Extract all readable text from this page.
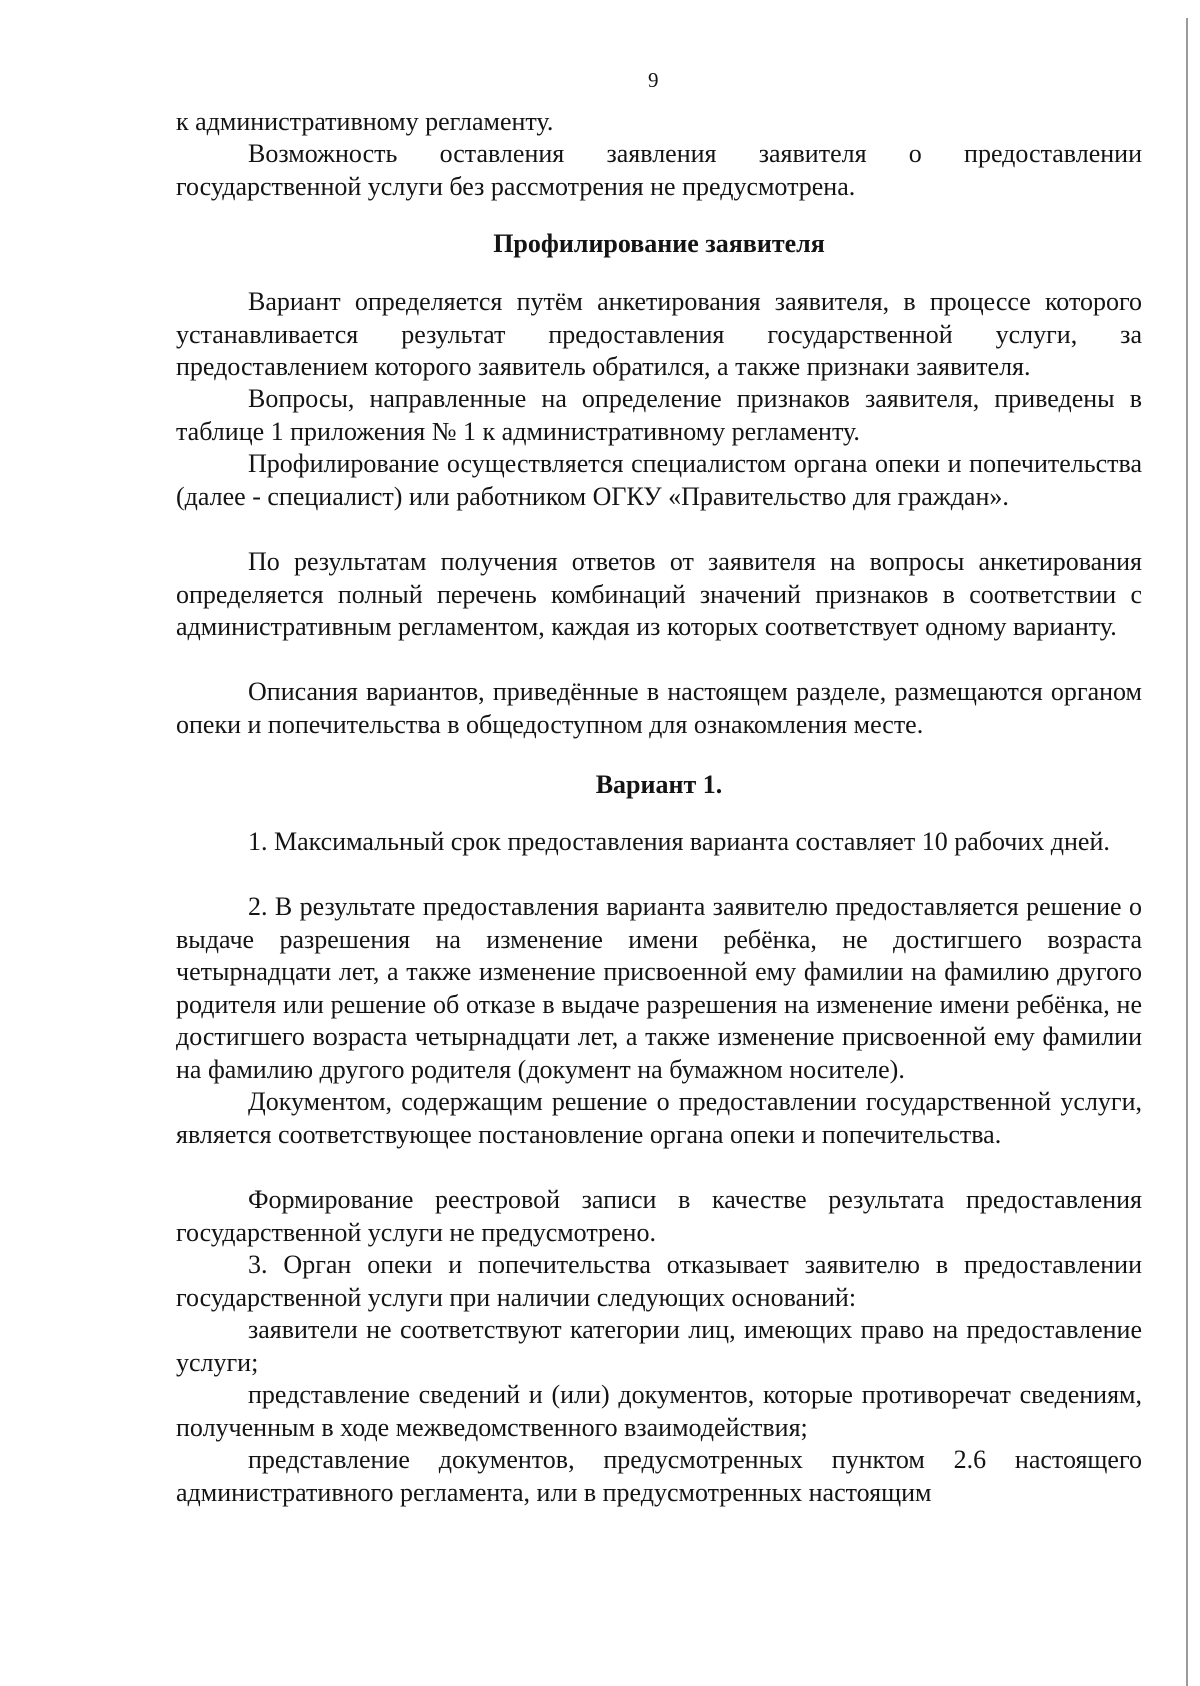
9

к административному регламенту.

Возможность оставления заявления заявителя о предоставлении государственной услуги без рассмотрения не предусмотрена.

Профилирование заявителя

Вариант определяется путём анкетирования заявителя, в процессе которого устанавливается результат предоставления государственной услуги, за предоставлением которого заявитель обратился, а также признаки заявителя.

Вопросы, направленные на определение признаков заявителя, приведены в таблице 1 приложения № 1 к административному регламенту.

Профилирование осуществляется специалистом органа опеки и попечительства (далее - специалист) или работником ОГКУ «Правительство для граждан».

По результатам получения ответов от заявителя на вопросы анкетирования определяется полный перечень комбинаций значений признаков в соответствии с административным регламентом, каждая из которых соответствует одному варианту.

Описания вариантов, приведённые в настоящем разделе, размещаются органом опеки и попечительства в общедоступном для ознакомления месте.

Вариант 1.

1. Максимальный срок предоставления варианта составляет 10 рабочих дней.

2. В результате предоставления варианта заявителю предоставляется решение о выдаче разрешения на изменение имени ребёнка, не достигшего возраста четырнадцати лет, а также изменение присвоенной ему фамилии на фамилию другого родителя или решение об отказе в выдаче разрешения на изменение имени ребёнка, не достигшего возраста четырнадцати лет, а также изменение присвоенной ему фамилии на фамилию другого родителя (документ на бумажном носителе).

Документом, содержащим решение о предоставлении государственной услуги, является соответствующее постановление органа опеки и попечительства.

Формирование реестровой записи в качестве результата предоставления государственной услуги не предусмотрено.

3. Орган опеки и попечительства отказывает заявителю в предоставлении государственной услуги при наличии следующих оснований:

заявители не соответствуют категории лиц, имеющих право на предоставление услуги;

представление сведений и (или) документов, которые противоречат сведениям, полученным в ходе межведомственного взаимодействия;

представление документов, предусмотренных пунктом 2.6 настоящего административного регламента, или в предусмотренных настоящим
